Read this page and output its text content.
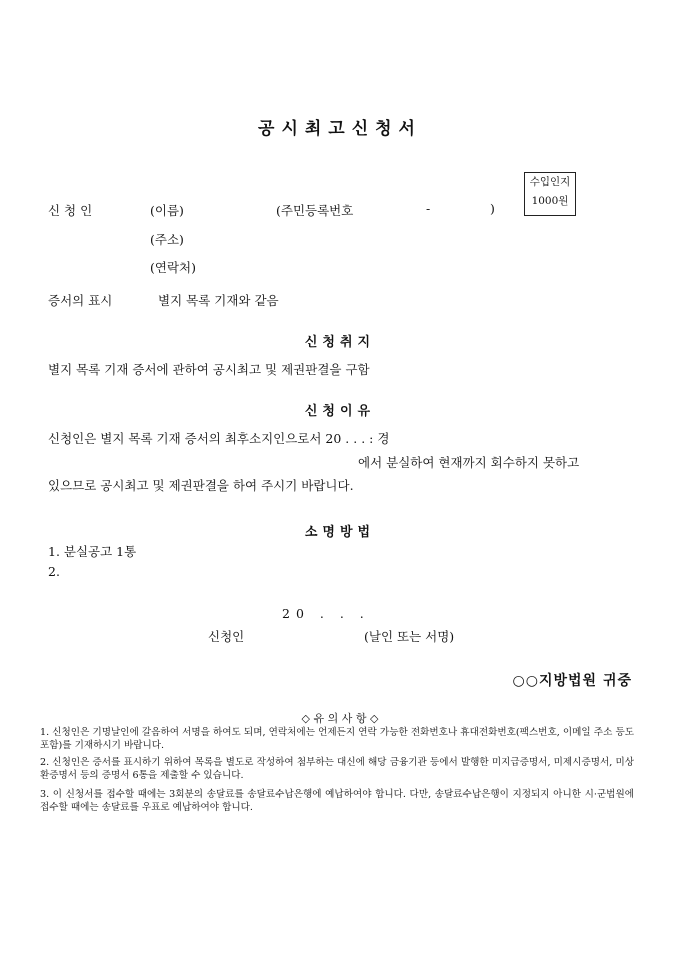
공시최고신청서
수입인지
1000원
신 청 인	(이름)	(주민등록번호	-	)
(주소)
(연락처)
증서의 표시	별지 목록 기재와 같음
신청취지
별지 목록 기재 증서에 관하여 공시최고 및 제권판결을 구함
신청이유
신청인은 별지 목록 기재 증서의 최후소지인으로서 20 . . . : 경
에서 분실하여 현재까지 회수하지 못하고
있으므로 공시최고 및 제권판결을 하여 주시기 바랍니다.
소명방법
1. 분실공고 1통
2.
20 . . .
신청인	(날인 또는 서명)
○○지방법원 귀중
◇ 유 의 사 항 ◇
1. 신청인은 기명날인에 갈음하여 서명을 하여도 되며, 연락처에는 언제든지 연락 가능한 전화번호나 휴대전화번호(팩스번호, 이메일 주소 등도 포함)를 기재하시기 바랍니다.
2. 신청인은 증서를 표시하기 위하여 목록을 별도로 작성하여 첨부하는 대신에 해당 금융기관 등에서 발행한 미지급증명서, 미제시증명서, 미상환증명서 등의 증명서 6통을 제출할 수 있습니다.
3. 이 신청서를 접수할 때에는 3회분의 송달료를 송달료수납은행에 예납하여야 합니다. 다만, 송달료수납은행이 지정되지 아니한 시·군법원에 접수할 때에는 송달료를 우표로 예납하여야 합니다.
